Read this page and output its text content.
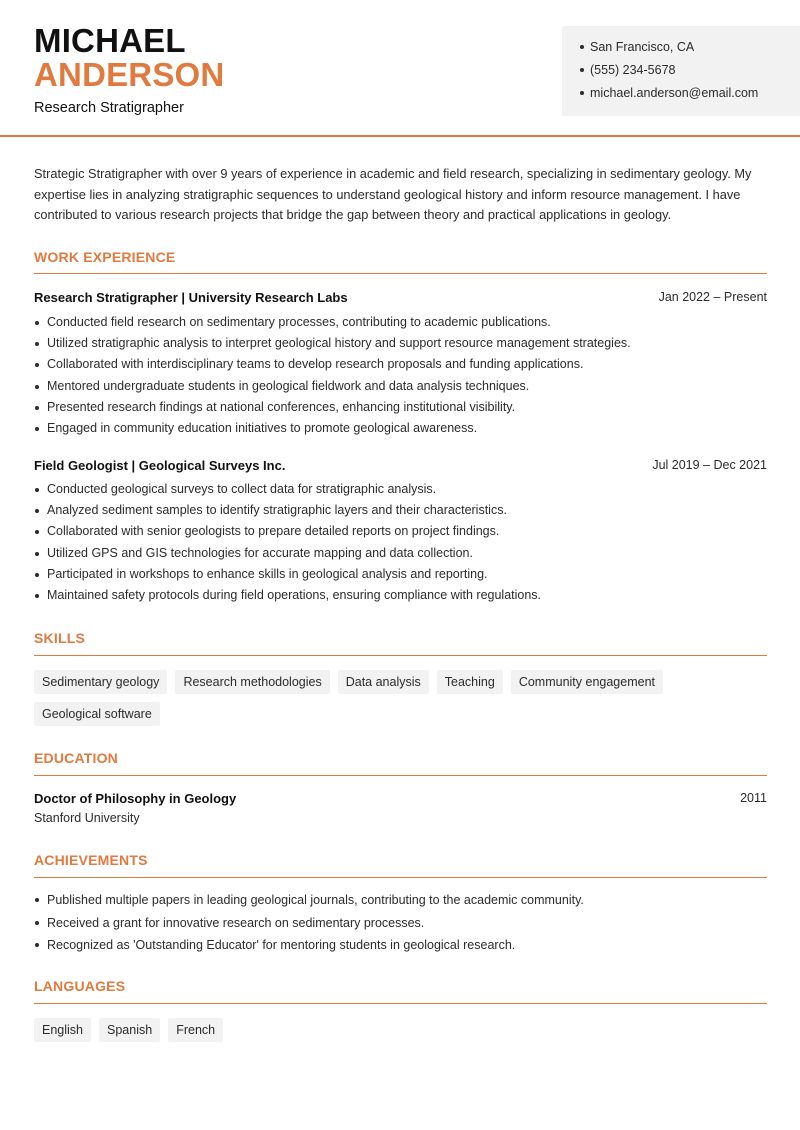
MICHAEL
ANDERSON
Research Stratigrapher
San Francisco, CA
(555) 234-5678
michael.anderson@email.com

Strategic Stratigrapher with over 9 years of experience in academic and field research, specializing in sedimentary geology. My expertise lies in analyzing stratigraphic sequences to understand geological history and inform resource management. I have contributed to various research projects that bridge the gap between theory and practical applications in geology.

WORK EXPERIENCE
Research Stratigrapher | University Research Labs	Jan 2022 – Present
Conducted field research on sedimentary processes, contributing to academic publications.
Utilized stratigraphic analysis to interpret geological history and support resource management strategies.
Collaborated with interdisciplinary teams to develop research proposals and funding applications.
Mentored undergraduate students in geological fieldwork and data analysis techniques.
Presented research findings at national conferences, enhancing institutional visibility.
Engaged in community education initiatives to promote geological awareness.
Field Geologist | Geological Surveys Inc.	Jul 2019 – Dec 2021
Conducted geological surveys to collect data for stratigraphic analysis.
Analyzed sediment samples to identify stratigraphic layers and their characteristics.
Collaborated with senior geologists to prepare detailed reports on project findings.
Utilized GPS and GIS technologies for accurate mapping and data collection.
Participated in workshops to enhance skills in geological analysis and reporting.
Maintained safety protocols during field operations, ensuring compliance with regulations.
SKILLS
Sedimentary geology	Research methodologies	Data analysis	Teaching	Community engagement
Geological software
EDUCATION
Doctor of Philosophy in Geology	2011
Stanford University
ACHIEVEMENTS
Published multiple papers in leading geological journals, contributing to the academic community.
Received a grant for innovative research on sedimentary processes.
Recognized as 'Outstanding Educator' for mentoring students in geological research.
LANGUAGES
English	Spanish	French
